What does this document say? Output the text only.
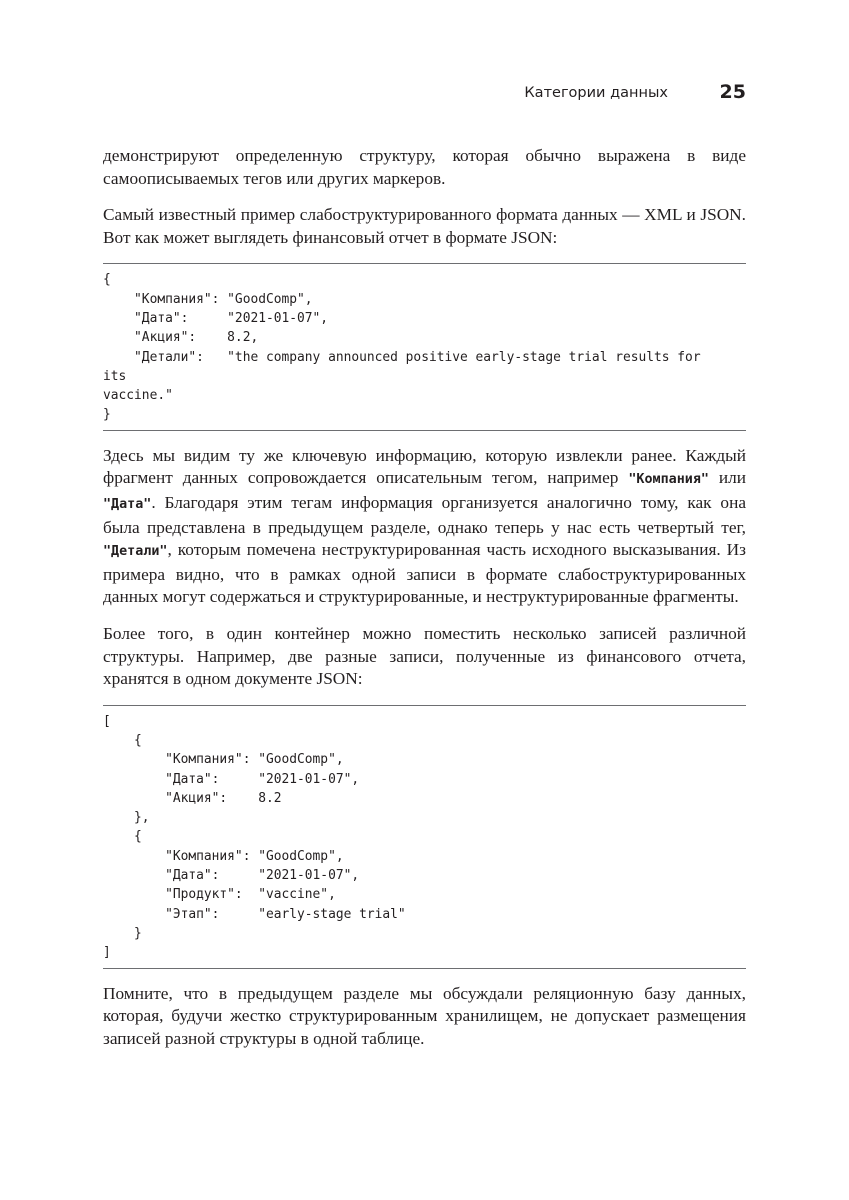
Категории данных	25

демонстрируют определенную структуру, которая обычно выражена в виде самоописываемых тегов или других маркеров.

Самый известный пример слабоструктурированного формата данных — XML и JSON. Вот как может выглядеть финансовый отчет в формате JSON:

{
"Компания": "GoodComp",
"Дата":     "2021-01-07",
"Акция":    8.2,
"Детали":   "the company announced positive early-stage trial results for
its
vaccine."
}

Здесь мы видим ту же ключевую информацию, которую извлекли ранее. Каждый фрагмент данных сопровождается описательным тегом, например "Компания" или "Дата". Благодаря этим тегам информация организуется аналогично тому, как она была представлена в предыдущем разделе, однако теперь у нас есть четвертый тег, "Детали", которым помечена неструктурированная часть исходного высказывания. Из примера видно, что в рамках одной записи в формате слабоструктурированных данных могут содержаться и структурированные, и неструктурированные фрагменты.

Более того, в один контейнер можно поместить несколько записей различной структуры. Например, две разные записи, полученные из финансового отчета, хранятся в одном документе JSON:

[
{
"Компания": "GoodComp",
"Дата":     "2021-01-07",
"Акция":    8.2
},
{
"Компания": "GoodComp",
"Дата":     "2021-01-07",
"Продукт":  "vaccine",
"Этап":     "early-stage trial"
}
]

Помните, что в предыдущем разделе мы обсуждали реляционную базу данных, которая, будучи жестко структурированным хранилищем, не допускает размещения записей разной структуры в одной таблице.
